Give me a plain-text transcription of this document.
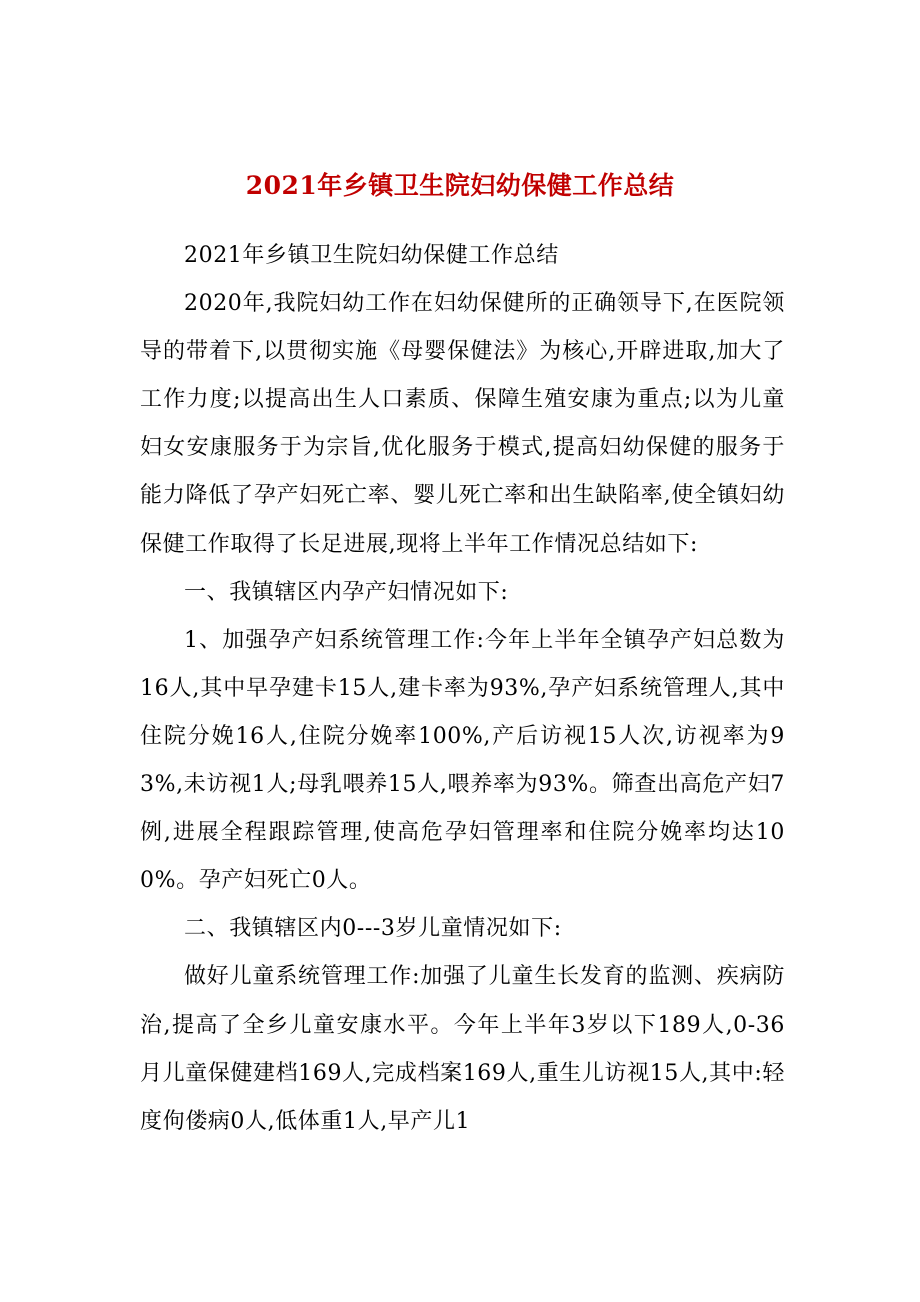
2021年乡镇卫生院妇幼保健工作总结

2021年乡镇卫生院妇幼保健工作总结

2020年,我院妇幼工作在妇幼保健所的正确领导下,在医院领导的带着下,以贯彻实施《母婴保健法》为核心,开辟进取,加大了工作力度;以提高出生人口素质、保障生殖安康为重点;以为儿童妇女安康服务于为宗旨,优化服务于模式,提高妇幼保健的服务于能力降低了孕产妇死亡率、婴儿死亡率和出生缺陷率,使全镇妇幼保健工作取得了长足进展,现将上半年工作情况总结如下:

一、我镇辖区内孕产妇情况如下:

1、加强孕产妇系统管理工作:今年上半年全镇孕产妇总数为16人,其中早孕建卡15人,建卡率为93%,孕产妇系统管理人,其中住院分娩16人,住院分娩率100%,产后访视15人次,访视率为93%,未访视1人;母乳喂养15人,喂养率为93%。筛查出高危产妇7例,进展全程跟踪管理,使高危孕妇管理率和住院分娩率均达100%。孕产妇死亡0人。

二、我镇辖区内0---3岁儿童情况如下:

做好儿童系统管理工作:加强了儿童生长发育的监测、疾病防治,提高了全乡儿童安康水平。今年上半年3岁以下189人,0-36月儿童保健建档169人,完成档案169人,重生儿访视15人,其中:轻度佝偻病0人,低体重1人,早产儿1
